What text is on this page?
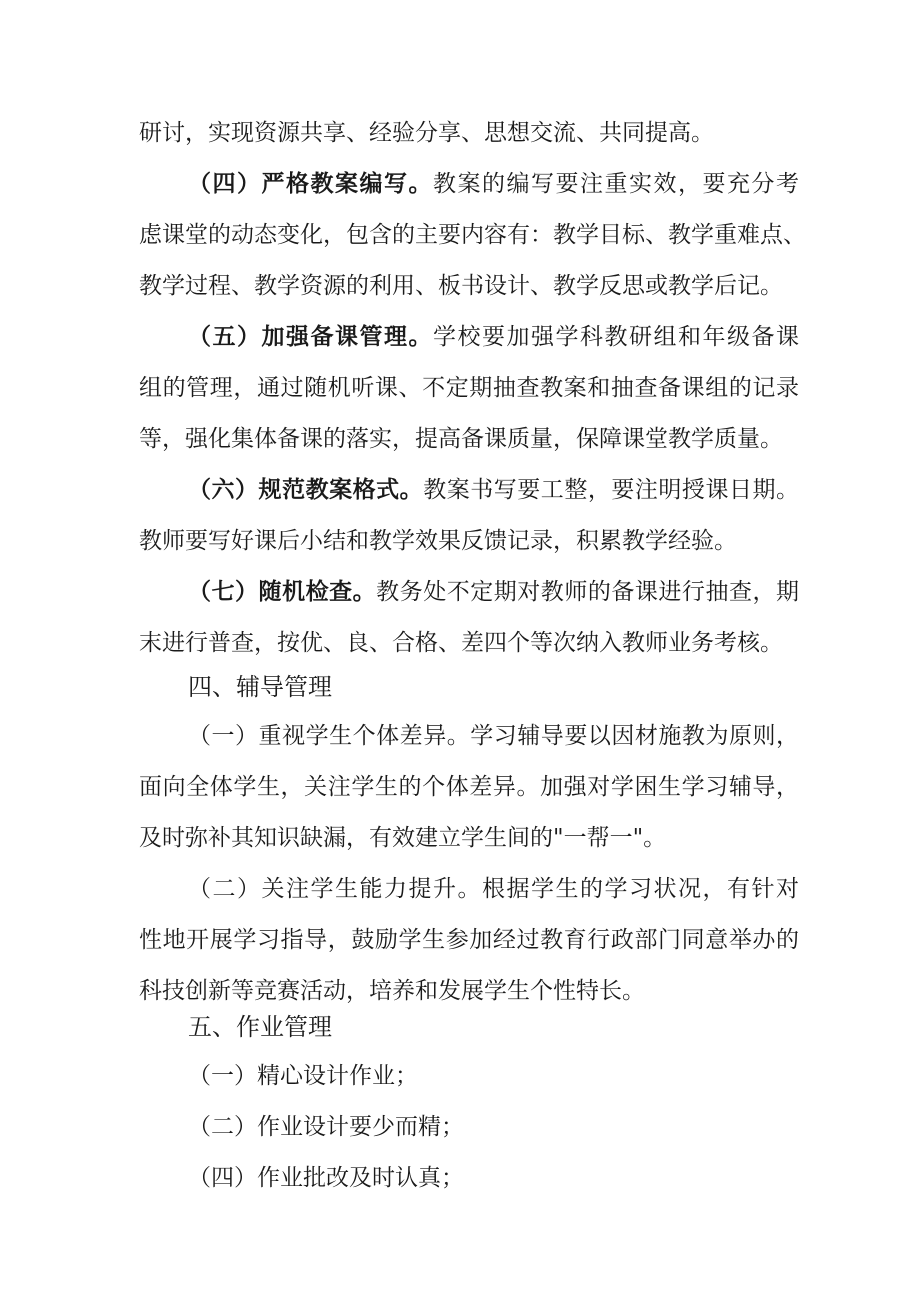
研讨，实现资源共享、经验分享、思想交流、共同提高。
（四）严格教案编写。教案的编写要注重实效，要充分考
虑课堂的动态变化，包含的主要内容有：教学目标、教学重难点、
教学过程、教学资源的利用、板书设计、教学反思或教学后记。
（五）加强备课管理。学校要加强学科教研组和年级备课
组的管理，通过随机听课、不定期抽查教案和抽查备课组的记录
等，强化集体备课的落实，提高备课质量，保障课堂教学质量。
（六）规范教案格式。教案书写要工整，要注明授课日期。
教师要写好课后小结和教学效果反馈记录，积累教学经验。
（七）随机检查。教务处不定期对教师的备课进行抽查，期
末进行普查，按优、良、合格、差四个等次纳入教师业务考核。
四、辅导管理
（一）重视学生个体差异。学习辅导要以因材施教为原则，
面向全体学生，关注学生的个体差异。加强对学困生学习辅导，
及时弥补其知识缺漏，有效建立学生间的"一帮一"。
（二）关注学生能力提升。根据学生的学习状况，有针对
性地开展学习指导，鼓励学生参加经过教育行政部门同意举办的
科技创新等竞赛活动，培养和发展学生个性特长。
五、作业管理
（一）精心设计作业；
（二）作业设计要少而精；
（四）作业批改及时认真；
